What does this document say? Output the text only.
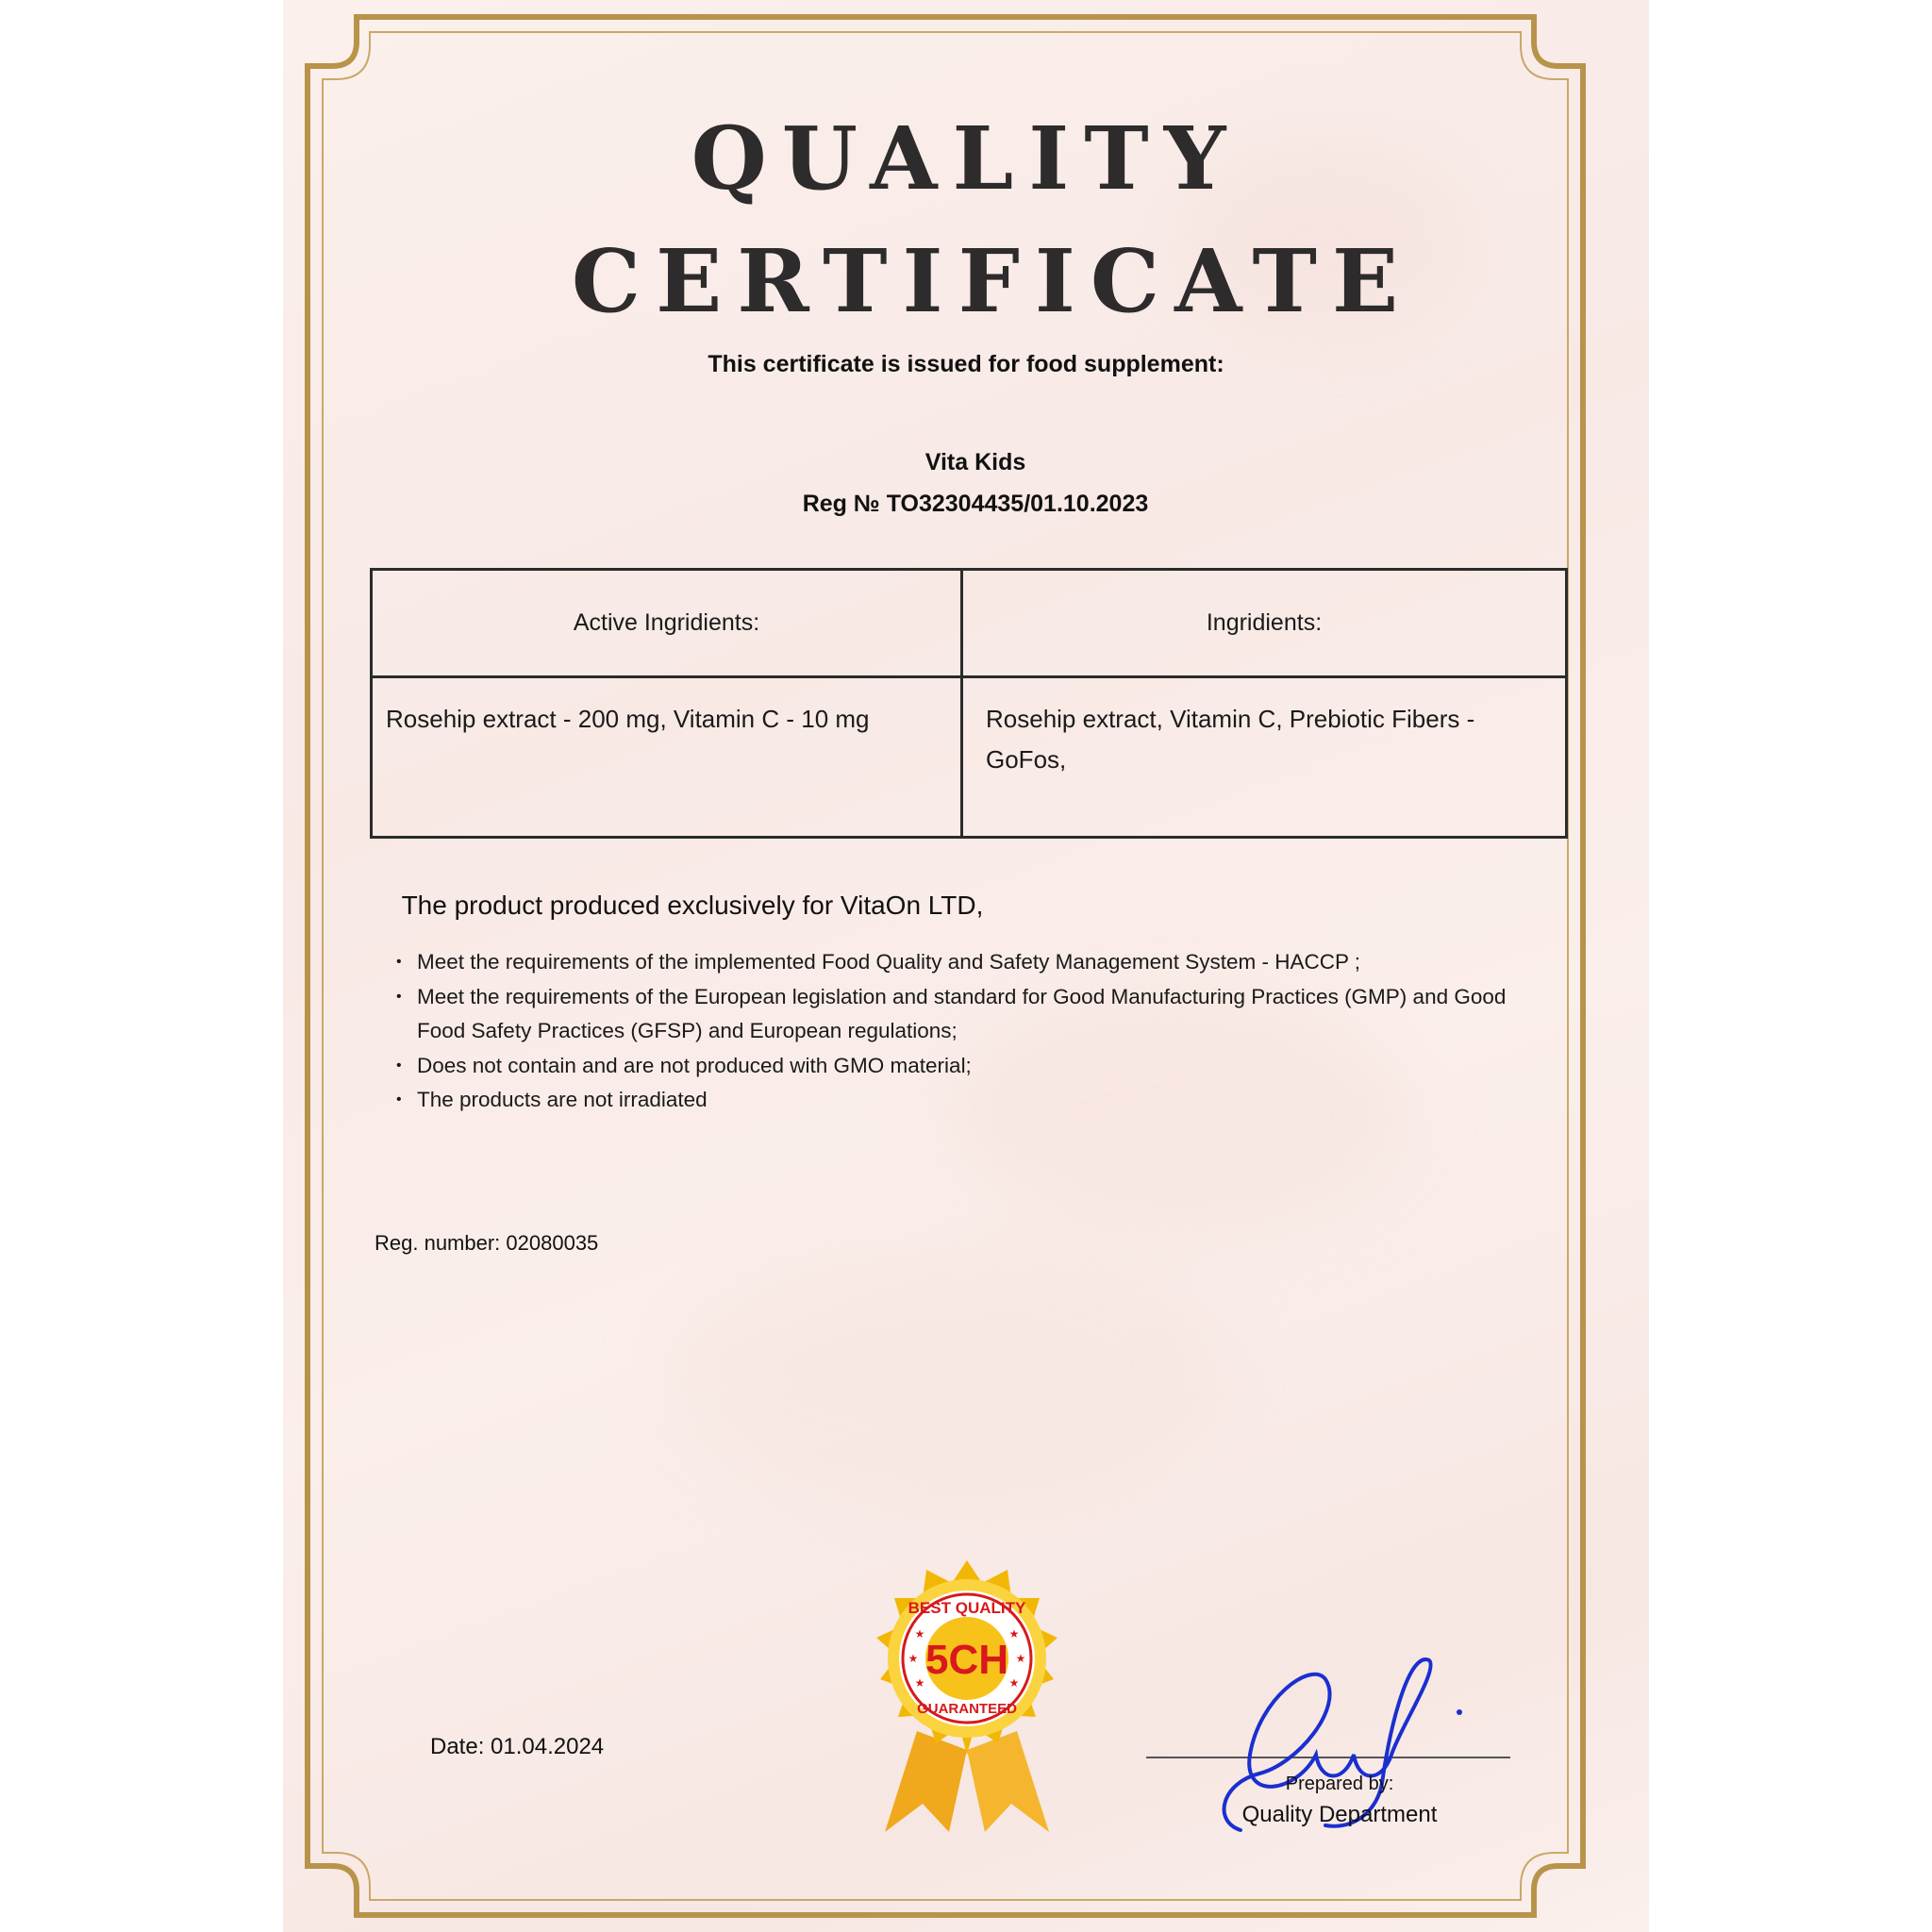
QUALITY
CERTIFICATE

This certificate is issued for food supplement:

Vita Kids

Reg № TO32304435/01.10.2023

Active Ingridients:	Ingridients:
Rosehip extract - 200 mg, Vitamin C - 10 mg	Rosehip extract, Vitamin C, Prebiotic Fibers - GoFos,

The product produced exclusively for VitaOn LTD,

• Meet the requirements of the implemented Food Quality and Safety Management System - HACCP ;
• Meet the requirements of the European legislation and standard for Good Manufacturing Practices (GMP) and Good Food Safety Practices (GFSP) and European regulations;
• Does not contain and are not produced with GMO material;
• The products are not irradiated

Reg. number: 02080035

Date: 01.04.2024

BEST QUALITY
5CH
GUARANTEED
★
★
★
★
★
★

Prepared by:

Quality Department
